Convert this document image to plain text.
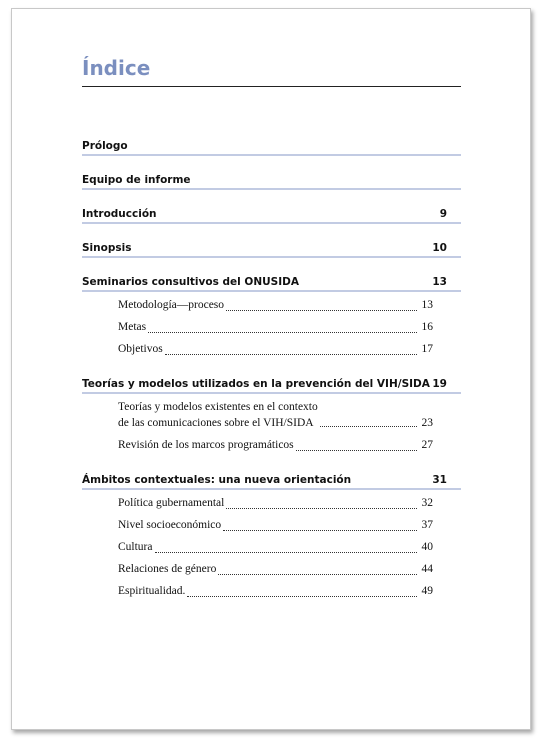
Índice
Prólogo
Equipo de informe
Introducción	9
Sinopsis	10
Seminarios consultivos del ONUSIDA	13
Metodología—proceso	13
Metas	16
Objetivos	17
Teorías y modelos utilizados en la prevención del VIH/SIDA 19
Teorías y modelos existentes en el contexto
de las comunicaciones sobre el VIH/SIDA	23
Revisión de los marcos programáticos	27
Ámbitos contextuales: una nueva orientación	31
Política gubernamental	32
Nivel socioeconómico	37
Cultura	40
Relaciones de género	44
Espiritualidad.	49
